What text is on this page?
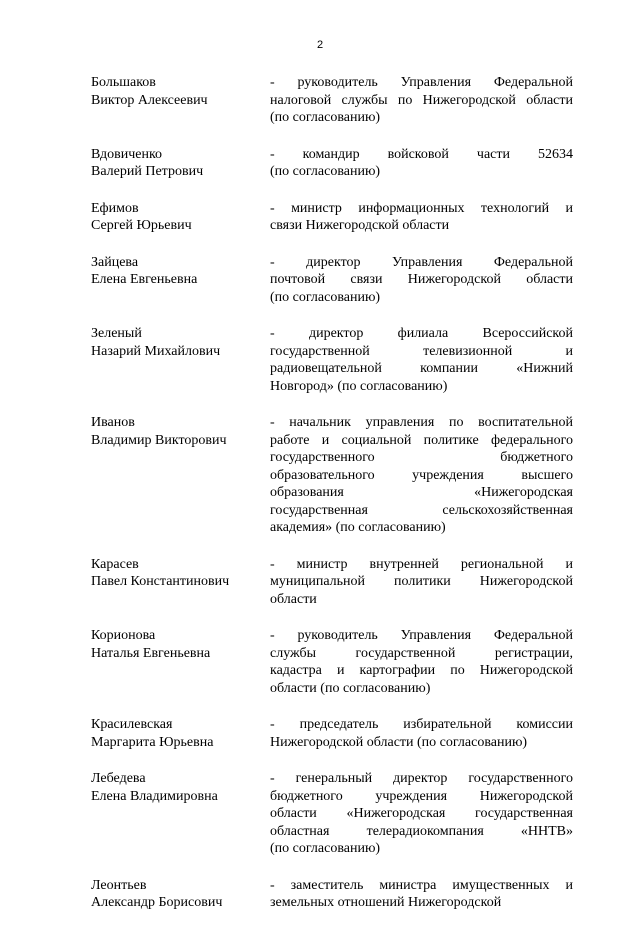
2
Большаков
Виктор Алексеевич
- руководитель Управления Федеральной
налоговой службы по Нижегородской области
(по согласованию)
Вдовиченко
Валерий Петрович
- командир войсковой части 52634
(по согласованию)
Ефимов
Сергей Юрьевич
- министр информационных технологий и
связи Нижегородской области
Зайцева
Елена Евгеньевна
- директор Управления Федеральной
почтовой связи Нижегородской области
(по согласованию)
Зеленый
Назарий Михайлович
- директор филиала Всероссийской
государственной телевизионной и
радиовещательной компании «Нижний
Новгород» (по согласованию)
Иванов
Владимир Викторович
- начальник управления по воспитательной
работе и социальной политике федерального
государственного бюджетного
образовательного учреждения высшего
образования «Нижегородская
государственная сельскохозяйственная
академия» (по согласованию)
Карасев
Павел Константинович
- министр внутренней региональной и
муниципальной политики Нижегородской
области
Корионова
Наталья Евгеньевна
- руководитель Управления Федеральной
службы государственной регистрации,
кадастра и картографии по Нижегородской
области (по согласованию)
Красилевская
Маргарита Юрьевна
- председатель избирательной комиссии
Нижегородской области (по согласованию)
Лебедева
Елена Владимировна
- генеральный директор государственного
бюджетного учреждения Нижегородской
области «Нижегородская государственная
областная телерадиокомпания «ННТВ»
(по согласованию)
Леонтьев
Александр Борисович
- заместитель министра имущественных и
земельных отношений Нижегородской
